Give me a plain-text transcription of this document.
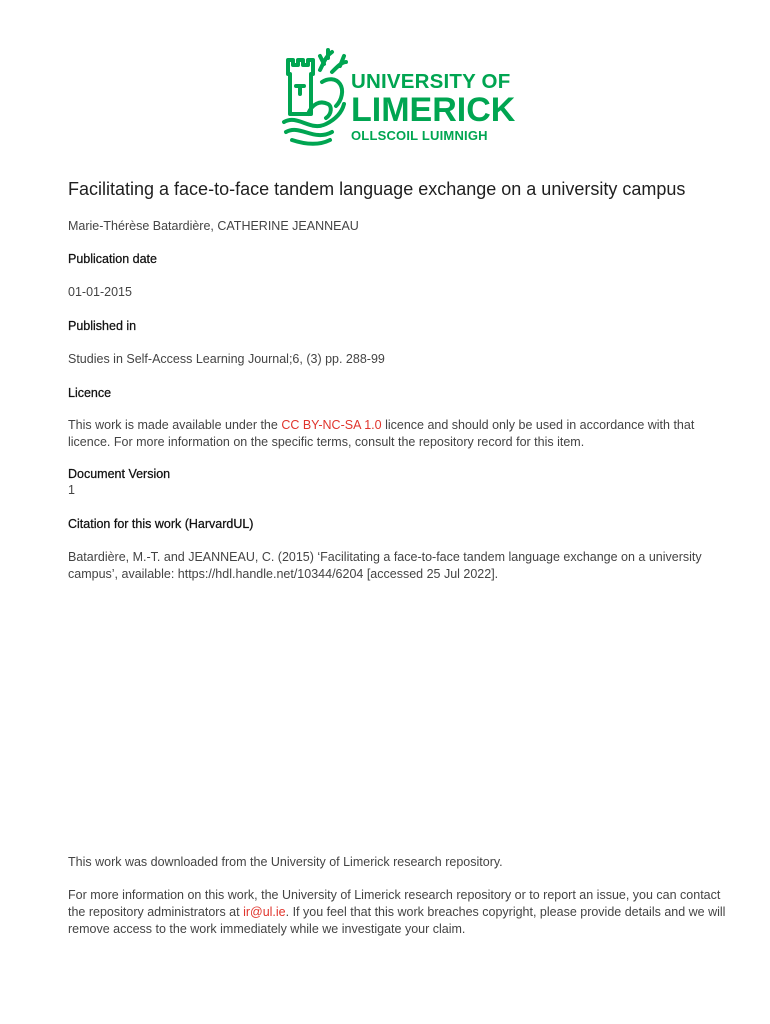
UNIVERSITY OF
LIMERICK
OLLSCOIL LUIMNIGH
Facilitating a face-to-face tandem language exchange on a university campus

Marie-Thérèse Batardière, CATHERINE JEANNEAU

Publication date

01-01-2015

Published in

Studies in Self-Access Learning Journal;6, (3) pp. 288-99

Licence

This work is made available under the CC BY-NC-SA 1.0 licence and should only be used in accordance with that licence. For more information on the specific terms, consult the repository record for this item.

Document Version

1

Citation for this work (HarvardUL)

Batardière, M.-T. and JEANNEAU, C. (2015) ‘Facilitating a face-to-face tandem language exchange on a university campus’, available: https://hdl.handle.net/10344/6204 [accessed 25 Jul 2022].

This work was downloaded from the University of Limerick research repository.

For more information on this work, the University of Limerick research repository or to report an issue, you can contact the repository administrators at ir@ul.ie. If you feel that this work breaches copyright, please provide details and we will remove access to the work immediately while we investigate your claim.
